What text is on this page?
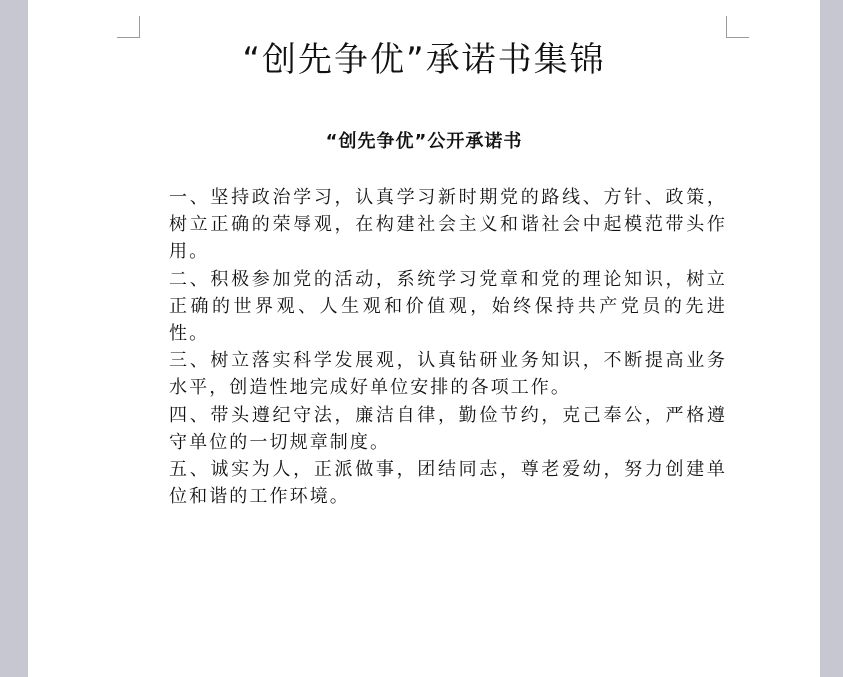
“创先争优”承诺书集锦
“创先争优”公开承诺书

一、坚持政治学习，认真学习新时期党的路线、方针、政策，树立正确的荣辱观，在构建社会主义和谐社会中起模范带头作用。

二、积极参加党的活动，系统学习党章和党的理论知识，树立正确的世界观、人生观和价值观，始终保持共产党员的先进性。

三、树立落实科学发展观，认真钻研业务知识，不断提高业务水平，创造性地完成好单位安排的各项工作。

四、带头遵纪守法，廉洁自律，勤俭节约，克己奉公，严格遵守单位的一切规章制度。

五、诚实为人，正派做事，团结同志，尊老爱幼，努力创建单位和谐的工作环境。
